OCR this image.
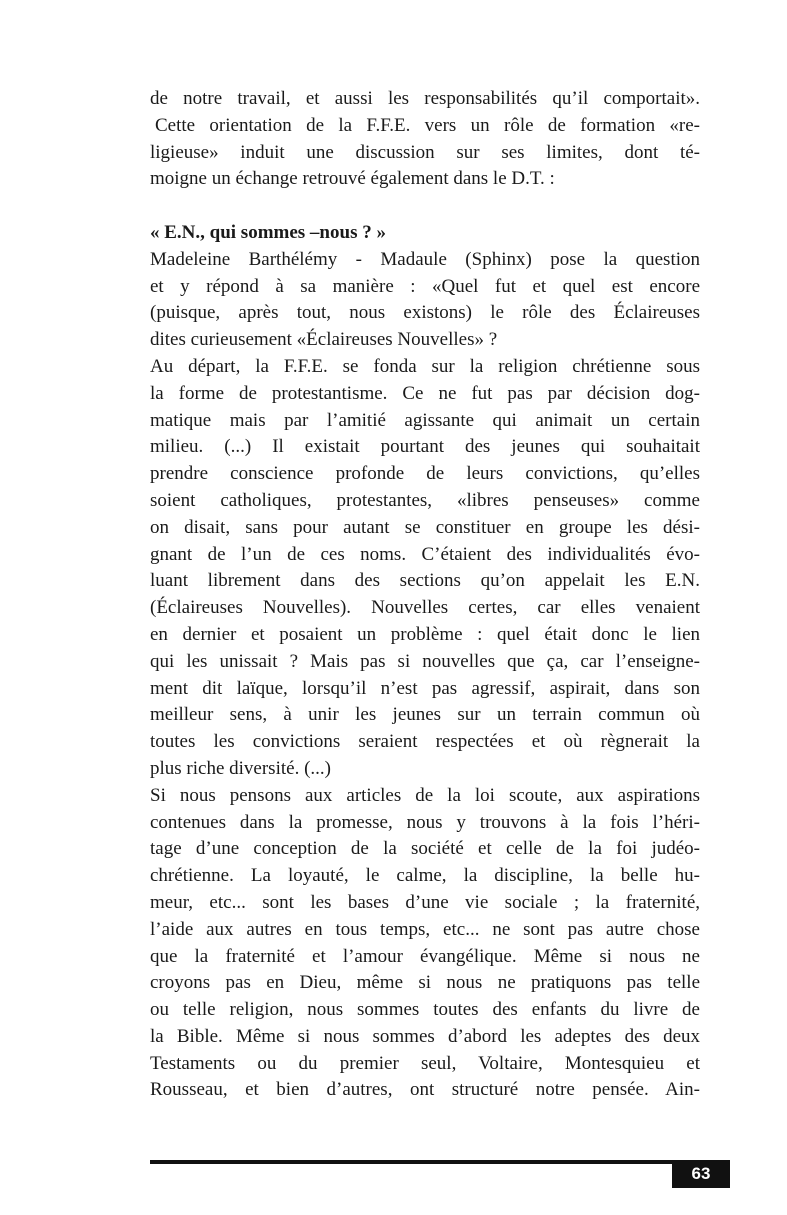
de notre travail, et aussi les responsabilités qu’il comportait».
Cette orientation de la F.F.E. vers un rôle de formation «re-
ligieuse» induit une discussion sur ses limites, dont té-
moigne un échange retrouvé également dans le D.T. :
« E.N., qui sommes –nous ? »
Madeleine Barthélémy - Madaule (Sphinx) pose la question
et y répond à sa manière : «Quel fut et quel est encore
(puisque, après tout, nous existons) le rôle des Éclaireuses
dites curieusement «Éclaireuses Nouvelles» ?
Au départ, la F.F.E. se fonda sur la religion chrétienne sous
la forme de protestantisme. Ce ne fut pas par décision dog-
matique mais par l’amitié agissante qui animait un certain
milieu. (...) Il existait pourtant des jeunes qui souhaitait
prendre conscience profonde de leurs convictions, qu’elles
soient catholiques, protestantes, «libres penseuses» comme
on disait, sans pour autant se constituer en groupe les dési-
gnant de l’un de ces noms. C’étaient des individualités évo-
luant librement dans des sections qu’on appelait les E.N.
(Éclaireuses Nouvelles). Nouvelles certes, car elles venaient
en dernier et posaient un problème : quel était donc le lien
qui les unissait ? Mais pas si nouvelles que ça, car l’enseigne-
ment dit laïque, lorsqu’il n’est pas agressif, aspirait, dans son
meilleur sens, à unir les jeunes sur un terrain commun où
toutes les convictions seraient respectées et où règnerait la
plus riche diversité. (...)
Si nous pensons aux articles de la loi scoute, aux aspirations
contenues dans la promesse, nous y trouvons à la fois l’héri-
tage d’une conception de la société et celle de la foi judéo-
chrétienne. La loyauté, le calme, la discipline, la belle hu-
meur, etc... sont les bases d’une vie sociale ; la fraternité,
l’aide aux autres en tous temps, etc... ne sont pas autre chose
que la fraternité et l’amour évangélique. Même si nous ne
croyons pas en Dieu, même si nous ne pratiquons pas telle
ou telle religion, nous sommes toutes des enfants du livre de
la Bible. Même si nous sommes d’abord les adeptes des deux
Testaments ou du premier seul, Voltaire, Montesquieu et
Rousseau, et bien d’autres, ont structuré notre pensée. Ain-
63
